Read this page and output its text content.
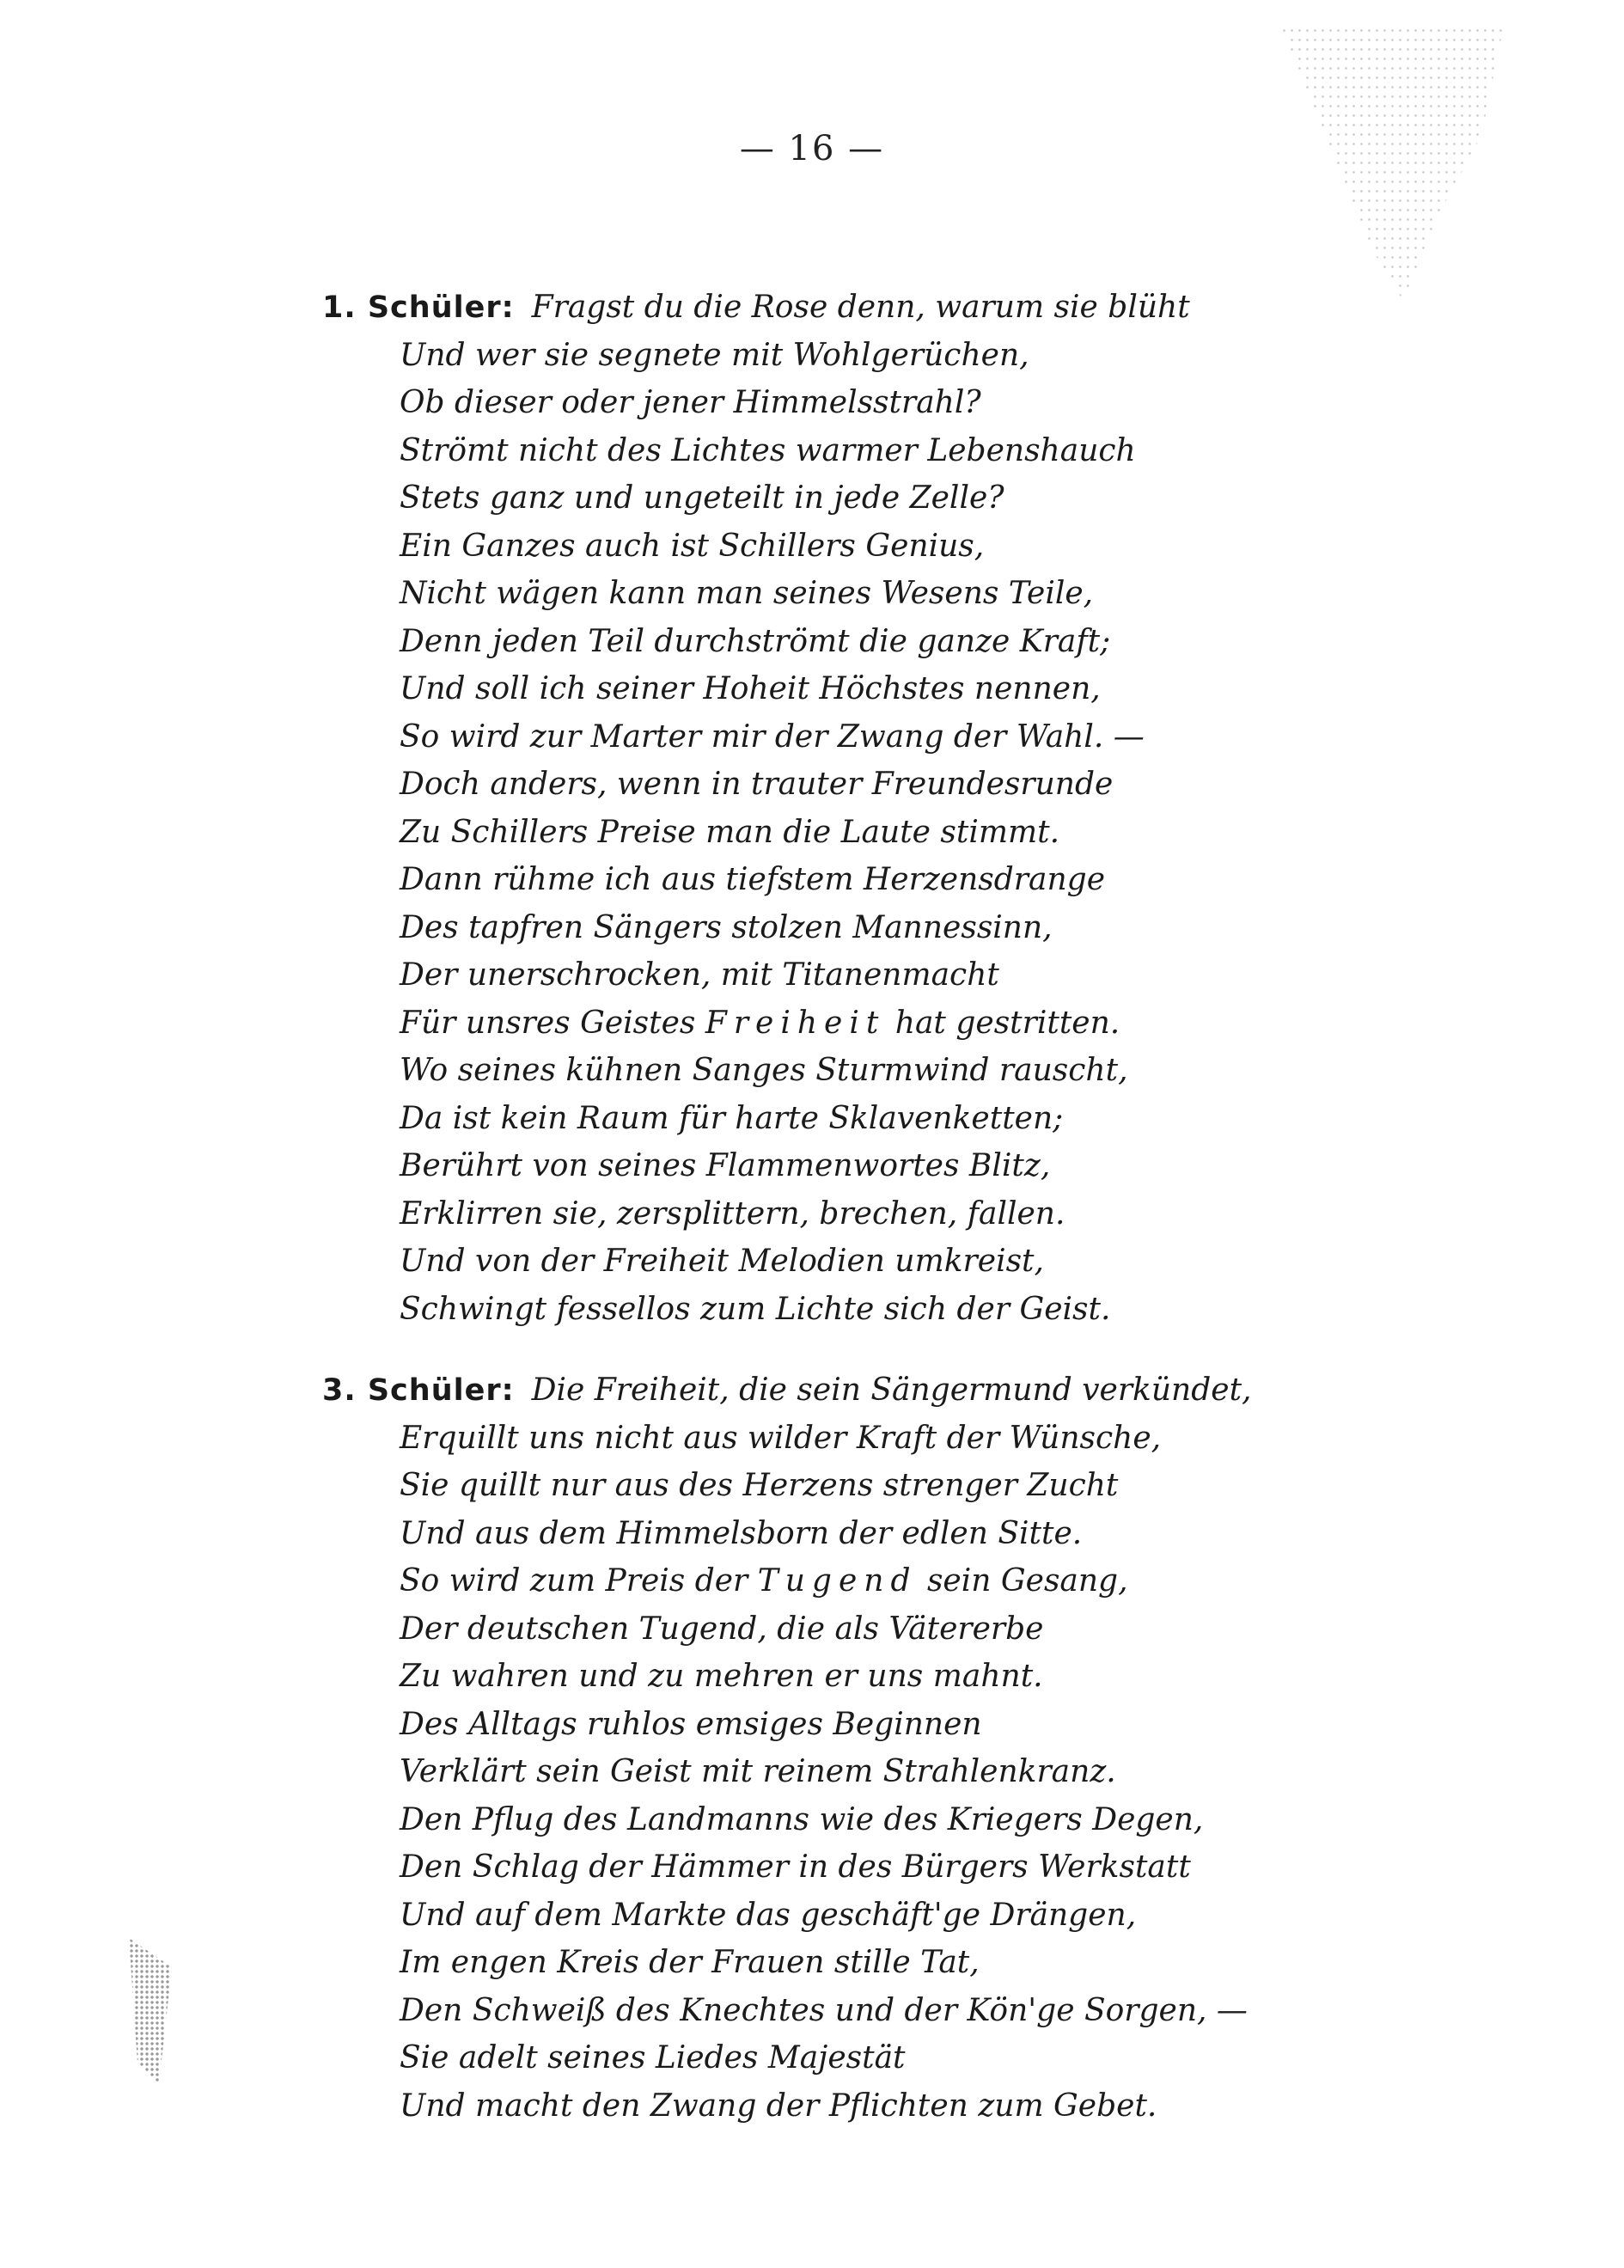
— 16 —
1. Schüler: Fragst du die Rose denn, warum sie blüht
Und wer sie segnete mit Wohlgerüchen,
Ob dieser oder jener Himmelsstrahl?
Strömt nicht des Lichtes warmer Lebenshauch
Stets ganz und ungeteilt in jede Zelle?
Ein Ganzes auch ist Schillers Genius,
Nicht wägen kann man seines Wesens Teile,
Denn jeden Teil durchströmt die ganze Kraft;
Und soll ich seiner Hoheit Höchstes nennen,
So wird zur Marter mir der Zwang der Wahl. —
Doch anders, wenn in trauter Freundesrunde
Zu Schillers Preise man die Laute stimmt.
Dann rühme ich aus tiefstem Herzensdrange
Des tapfren Sängers stolzen Mannessinn,
Der unerschrocken, mit Titanenmacht
Für unsres Geistes Freiheit hat gestritten.
Wo seines kühnen Sanges Sturmwind rauscht,
Da ist kein Raum für harte Sklavenketten;
Berührt von seines Flammenwortes Blitz,
Erklirren sie, zersplittern, brechen, fallen.
Und von der Freiheit Melodien umkreist,
Schwingt fessellos zum Lichte sich der Geist.
3. Schüler: Die Freiheit, die sein Sängermund verkündet,
Erquillt uns nicht aus wilder Kraft der Wünsche,
Sie quillt nur aus des Herzens strenger Zucht
Und aus dem Himmelsborn der edlen Sitte.
So wird zum Preis der Tugend sein Gesang,
Der deutschen Tugend, die als Vätererbe
Zu wahren und zu mehren er uns mahnt.
Des Alltags ruhlos emsiges Beginnen
Verklärt sein Geist mit reinem Strahlenkranz.
Den Pflug des Landmanns wie des Kriegers Degen,
Den Schlag der Hämmer in des Bürgers Werkstatt
Und auf dem Markte das geschäft'ge Drängen,
Im engen Kreis der Frauen stille Tat,
Den Schweiß des Knechtes und der Kön'ge Sorgen, —
Sie adelt seines Liedes Majestät
Und macht den Zwang der Pflichten zum Gebet.
